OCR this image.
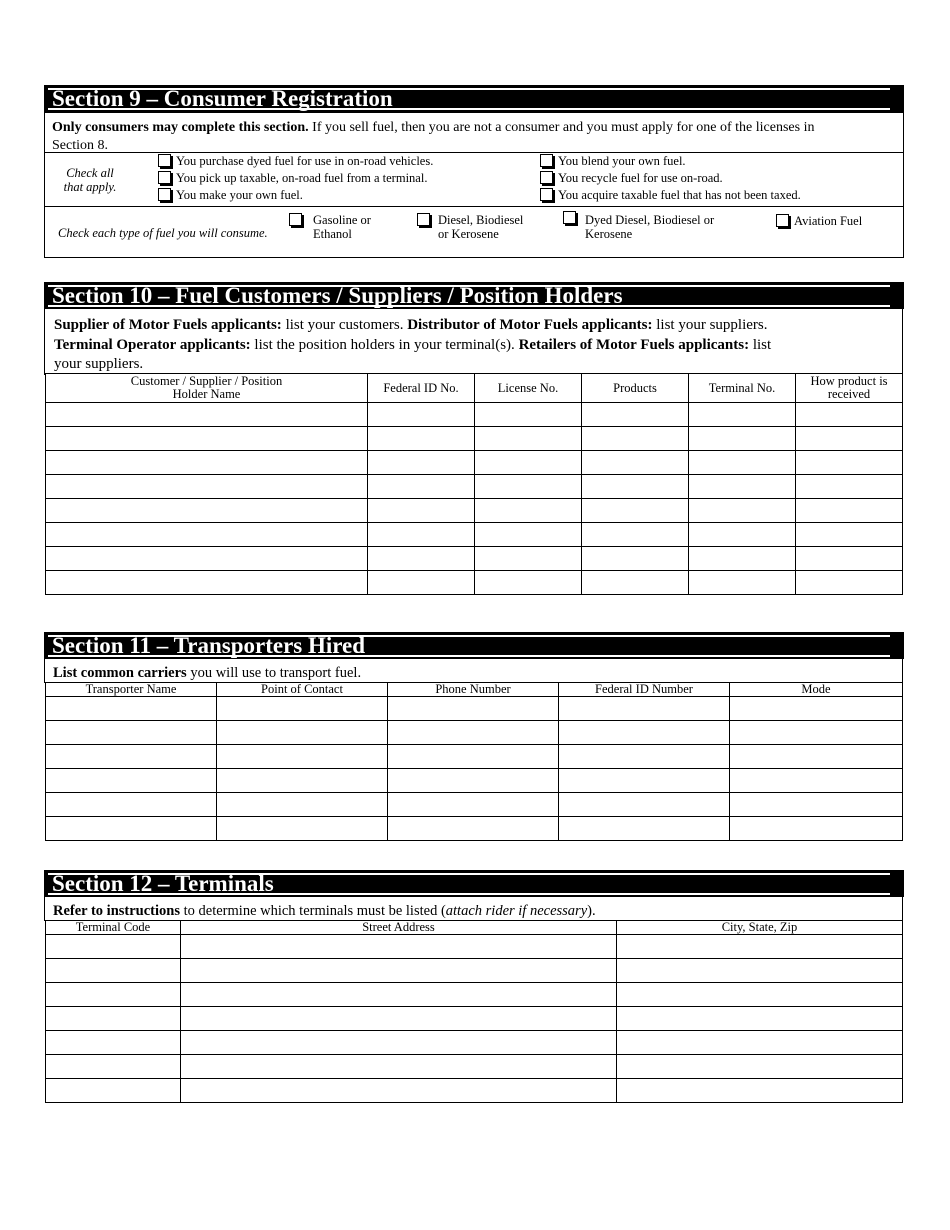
Section 9 – Consumer Registration
Only consumers may complete this section. If you sell fuel, then you are not a consumer and you must apply for one of the licenses in
Section 8.
Check all that apply.
You purchase dyed fuel for use in on-road vehicles.
You pick up taxable, on-road fuel from a terminal.
You make your own fuel.
You blend your own fuel.
You recycle fuel for use on-road.
You acquire taxable fuel that has not been taxed.
Check each type of fuel you will consume.
Gasoline or
Ethanol
Diesel, Biodiesel
or Kerosene
Dyed Diesel, Biodiesel or
Kerosene
Aviation Fuel
Section 10 – Fuel Customers / Suppliers / Position Holders
Supplier of Motor Fuels applicants: list your customers. Distributor of Motor Fuels applicants: list your suppliers.
Terminal Operator applicants: list the position holders in your terminal(s). Retailers of Motor Fuels applicants: list
your suppliers.
Customer / Supplier / Position Holder Name	Federal ID No.	License No.	Products	Terminal No.	How product is received

Section 11 – Transporters Hired
List common carriers you will use to transport fuel.
Transporter Name	Point of Contact	Phone Number	Federal ID Number	Mode

Section 12 – Terminals
Refer to instructions to determine which terminals must be listed (attach rider if necessary).
Terminal Code	Street Address	City, State, Zip
